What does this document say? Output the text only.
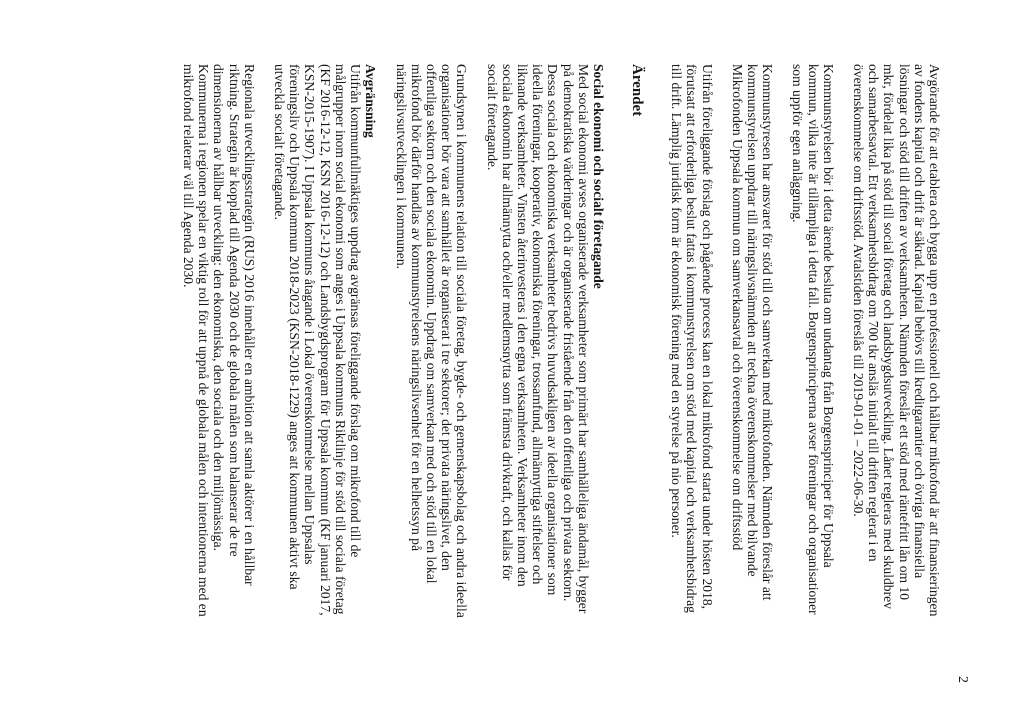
2

Avgörande för att etablera och bygga upp en professionell och hållbar mikrofond är att finansieringen av fondens kapital och drift är säkrad. Kapital behövs till kreditgarantier och övriga finansiella lösningar och stöd till driften av verksamheten. Nämnden föreslår ett stöd med räntefritt lån om 10 mkr, fördelat lika på stöd till social företag och landsbygdsutveckling. Lånet regleras med skuldbrev och samarbetsavtal. Ett verksamhetsbidrag om 700 tkr ansläs initialt till driften reglerat i en överenskommelse om driftsstöd. Avtalstiden föreslås till 2019-01-01 – 2022-06-30.

Kommunstyrelsen bör i detta ärende besluta om undantag från Borgensprinciper för Uppsala kommun, vilka inte är tillämpliga i detta fall. Borgensprinciperna avser föreningar och organisationer som uppför egen anläggning.

Kommunstyresen har ansvaret för stöd till och samverkan med mikrofonden. Nämnden föreslår att kommunstyrelsen uppdrar till näringslivsnämnden att teckna överenskommelser med bilvande Mikrofonden Uppsala kommun om samverkansavtal och överenskommelse om driftsstöd

Utifrån föreliggande förslag och pågående process kan en lokal mikrofond starta under hösten 2018, förutsatt att erforderliga beslut fattas i kommunstyrelsen om stöd med kapital och verksamhetsbidrag till drift. Lämplig juridisk form är ekonomisk förening med en styrelse på nio personer.

Ärendet
Social ekonomi och socialt företagande

Med social ekonomi avses organiserade verksamheter som primärt har samhälleliga ändamål, bygger på demokratiska värderingar och är organiserade fristående från den offentliga och privata sektorn. Dessa sociala och ekonomiska verksamheter bedrivs huvudsakligen av ideella organisationer som ideella föreningar, kooperativ, ekonomiska föreningar, trossamfund, allmännyttiga stiftelser och liknande verksamheter. Vinsten återinvesteras i den egna verksamheten. Verksamheter inom den sociala ekonomin har allmännytta och/eller medlemsnytta som främsta drivkraft, och kallas för socialt företagande.

Grundsynen i kommunens relation till sociala företag, bygde- och gemenskapsbolag och andra ideella organisationer bör vara att samhället är organiserat i tre sektorer; det privata näringslivet, den offentliga sektorn och den sociala ekonomin. Uppdrag om samverkan med och stöd till en lokal mikrofond bör därför handlas av kommunstyrelsens näringslivsenhet för en helhetssyn på näringslivsutvecklingen i kommunen.

Avgränsning

Utifrån kommunfullmäktiges uppdrag avgränsas föreliggande förslag om mikrofond till de målgrupper inom social ekonomi som anges i Uppsala kommuns Riktlinje för stöd till sociala företag (KF 2016-12-12, KSN 2016-12-12) och Landsbygdsprogram för Uppsala kommun (KF januari 2017, KSN-2015-1907). I Uppsala kommuns åtagande i Lokal överenskommelse mellan Uppsalas föreningsliv och Uppsala kommun 2018-2023 (KSN-2018-1229) anges att kommunen aktivt ska utveckla socialt företagande.

Regionala utvecklingsstrategin (RUS) 2016 innehåller en ambition att samla aktörer i en hållbar riktning. Strategin är kopplad till Agenda 2030 och de globala målen som balanserar de tre dimensionerna av hållbar utveckling: den ekonomiska, den sociala och den miljömässiga. Kommunerna i regionen spelar en viktig roll för att uppnå de globala målen och intentionerna med en mikrofond relaterar väl till Agenda 2030.
